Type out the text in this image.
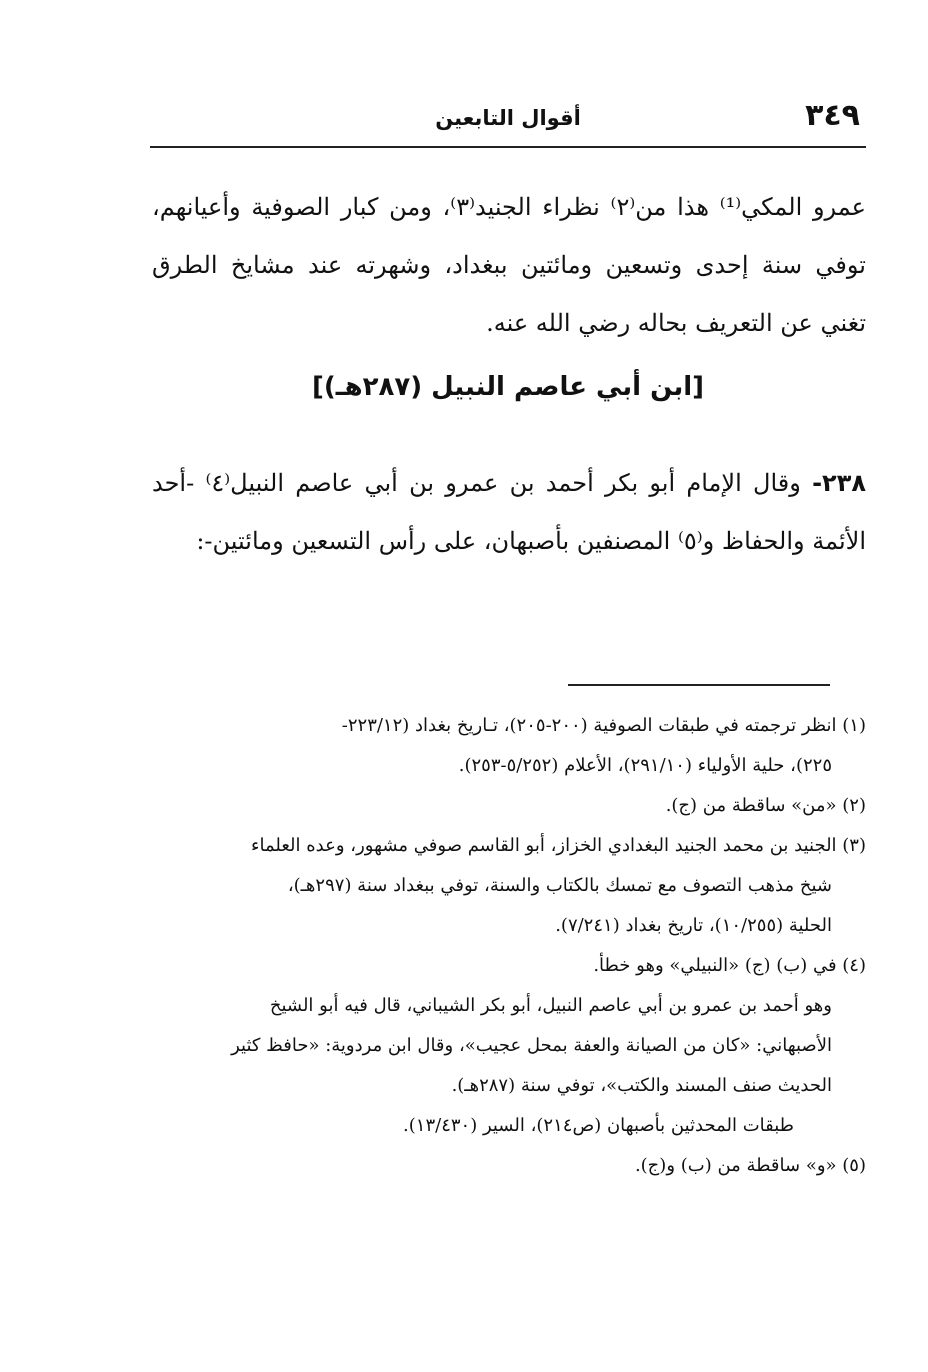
٣٤٩
أقوال التابعين

عمرو المكي⁽¹⁾ هذا من⁽٢⁾ نظراء الجنيد⁽٣⁾، ومن كبار الصوفية وأعيانهم، توفي سنة إحدى وتسعين ومائتين ببغداد، وشهرته عند مشايخ الطرق تغني عن التعريف بحاله رضي الله عنه.

[ابن أبي عاصم النبيل (٢٨٧هـ)]

٢٣٨- وقال الإمام أبو بكر أحمد بن عمرو بن أبي عاصم النبيل⁽٤⁾ -أحد الأئمة والحفاظ و⁽٥⁾ المصنفين بأصبهان، على رأس التسعين ومائتين-:

(١) انظر ترجمته في طبقات الصوفية (٢٠٠-٢٠٥)، تـاريخ بغداد (٢٢٣/١٢-

٢٢٥)، حلية الأولياء (٢٩١/١٠)، الأعلام (٥/٢٥٢-٢٥٣).

(٢) «من» ساقطة من (ج).

(٣) الجنيد بن محمد الجنيد البغدادي الخزاز، أبو القاسم صوفي مشهور، وعده العلماء

شيخ مذهب التصوف مع تمسك بالكتاب والسنة، توفي ببغداد سنة (٢٩٧هـ)،

الحلية (١٠/٢٥٥)، تاريخ بغداد (٧/٢٤١).

(٤) في (ب) (ج) «النبيلي» وهو خطأ.

وهو أحمد بن عمرو بن أبي عاصم النبيل، أبو بكر الشيباني، قال فيه أبو الشيخ

الأصبهاني: «كان من الصيانة والعفة بمحل عجيب»، وقال ابن مردوية: «حافظ كثير

الحديث صنف المسند والكتب»، توفي سنة (٢٨٧هـ).

طبقات المحدثين بأصبهان (ص٢١٤)، السير (١٣/٤٣٠).

(٥) «و» ساقطة من (ب) و(ج).
